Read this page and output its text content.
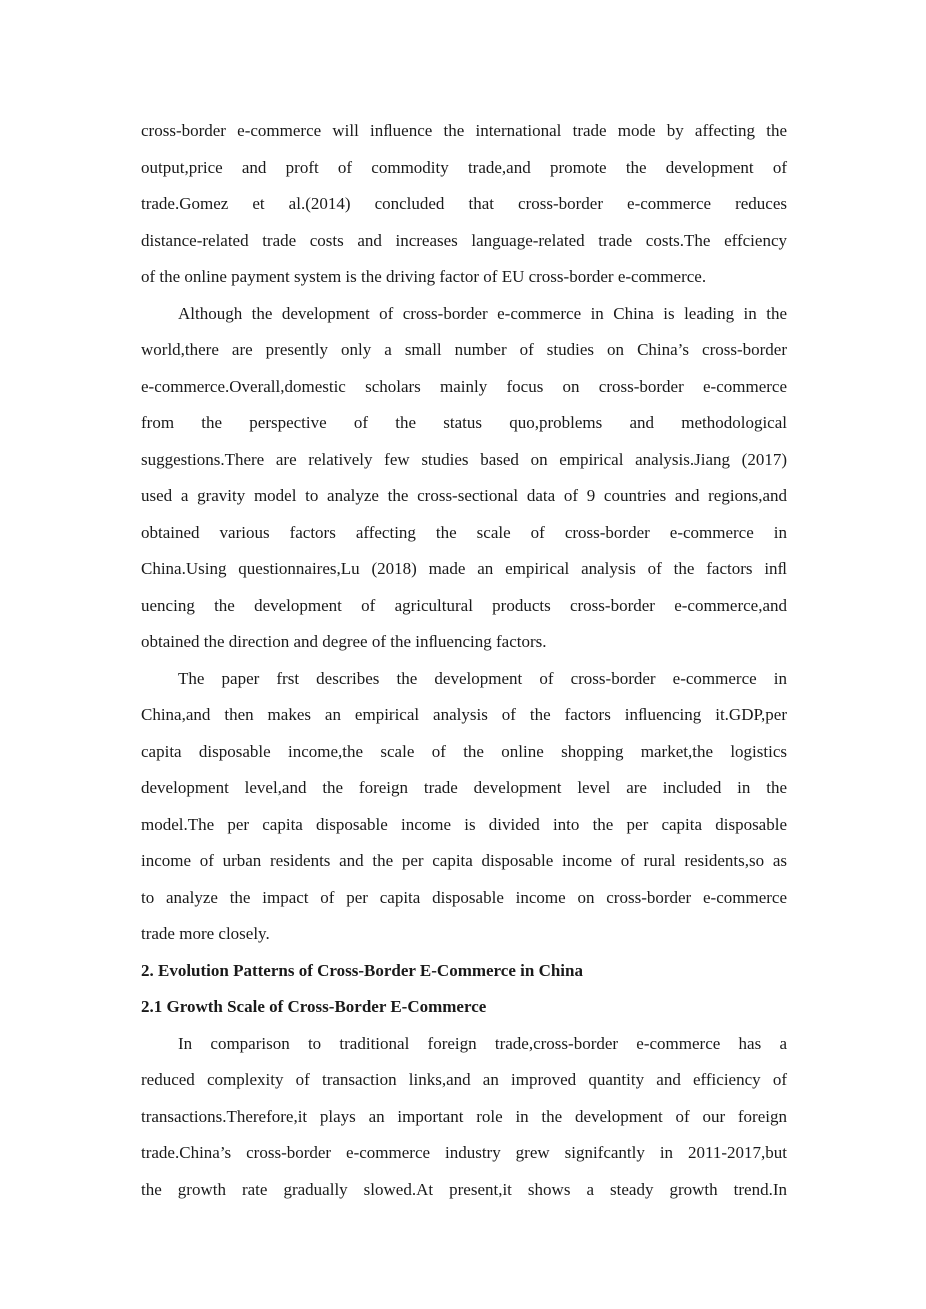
cross-border e-commerce will inﬂuence the international trade mode by affecting the
output,price and proft of commodity trade,and promote the development of
trade.Gomez et al.(2014) concluded that cross-border e-commerce reduces
distance-related trade costs and increases language-related trade costs.The effciency
of the online payment system is the driving factor of EU cross-border e-commerce.
Although the development of cross-border e-commerce in China is leading in the
world,there are presently only a small number of studies on China’s cross-border
e-commerce.Overall,domestic scholars mainly focus on cross-border e-commerce
from the perspective of the status quo,problems and methodological
suggestions.There are relatively few studies based on empirical analysis.Jiang (2017)
used a gravity model to analyze the cross-sectional data of 9 countries and regions,and
obtained various factors affecting the scale of cross-border e-commerce in
China.Using questionnaires,Lu (2018) made an empirical analysis of the factors inﬂ
uencing the development of agricultural products cross-border e-commerce,and
obtained the direction and degree of the inﬂuencing factors.
The paper frst describes the development of cross-border e-commerce in
China,and then makes an empirical analysis of the factors inﬂuencing it.GDP,per
capita disposable income,the scale of the online shopping market,the logistics
development level,and the foreign trade development level are included in the
model.The per capita disposable income is divided into the per capita disposable
income of urban residents and the per capita disposable income of rural residents,so as
to analyze the impact of per capita disposable income on cross-border e-commerce
trade more closely.
2. Evolution Patterns of Cross-Border E-Commerce in China
2.1 Growth Scale of Cross-Border E-Commerce
In comparison to traditional foreign trade,cross-border e-commerce has a
reduced complexity of transaction links,and an improved quantity and efficiency of
transactions.Therefore,it plays an important role in the development of our foreign
trade.China’s cross-border e-commerce industry grew signifcantly in 2011-2017,but
the growth rate gradually slowed.At present,it shows a steady growth trend.In
